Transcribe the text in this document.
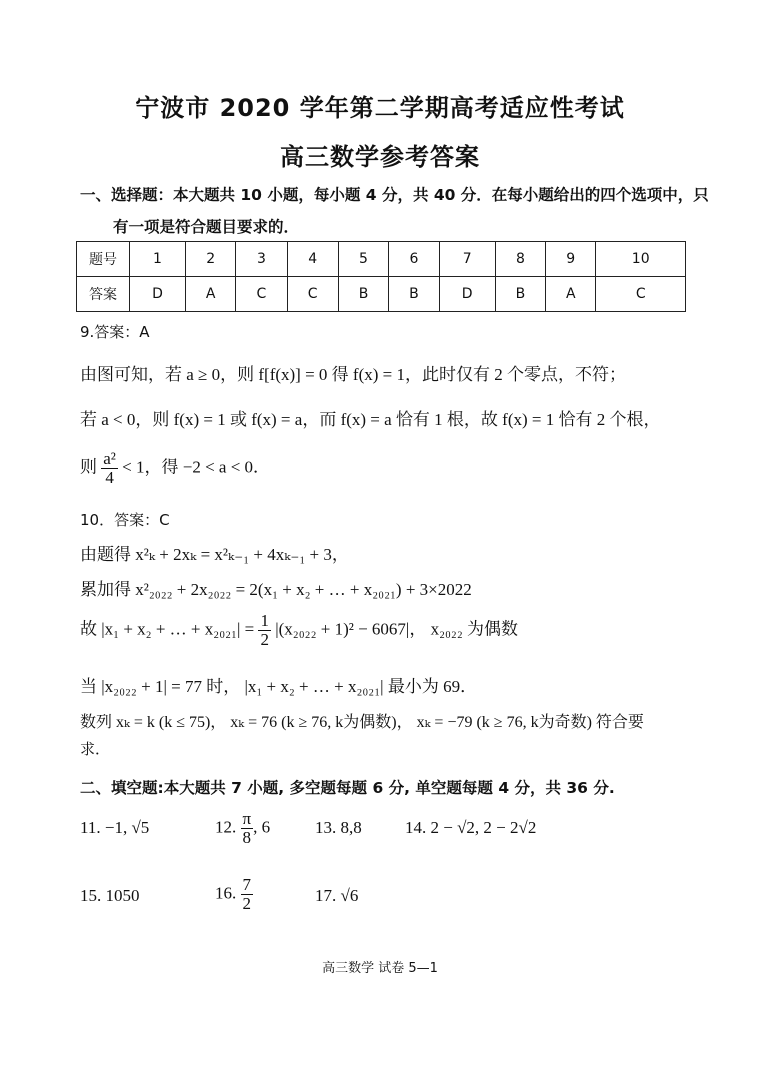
宁波市 2020 学年第二学期高考适应性考试
高三数学参考答案
一、选择题：本大题共 10 小题，每小题 4 分，共 40 分．在每小题给出的四个选项中，只
有一项是符合题目要求的．
题号	1	2	3	4	5	6	7	8	9	10
答案	D	A	C	C	B	B	D	B	A	C
9.答案：A
由图可知，若 a ≥ 0，则 f[f(x)] = 0 得 f(x) = 1，此时仅有 2 个零点，不符；
若 a < 0，则 f(x) = 1 或 f(x) = a，而 f(x) = a 恰有 1 根，故 f(x) = 1 恰有 2 个根，
则 $\frac{\text{a²}}{4} < 1$，得 −2 < a < 0．
10．答案：C
由题得 x²ₖ + 2xₖ = x²ₖ₋₁ + 4xₖ₋₁ + 3，
累加得 x²₂₀₂₂ + 2x₂₀₂₂ = 2(x₁ + x₂ + … + x₂₀₂₁) + 3×2022
故 |x₁ + x₂ + … + $x_{2021}| = \frac{1}{2} |(x_{2022} + 1)^2 - 6067|$， x₂₀₂₂ 为偶数
当 |x₂₀₂₂ + 1| = 77 时， |x₁ + x₂ + … + x₂₀₂₁| 最小为 69．
数列 xₖ = k (k ≤ 75)， xₖ = 76 (k ≥ 76, k为偶数)， xₖ = −79 (k ≥ 76, k为奇数) 符合要
求．
二、填空题:本大题共 7 小题, 多空题每题 6 分, 单空题每题 4 分，共 36 分.
11. −1, √5	12. $\frac{\pi}{8}$ , 6	13. 8,8	14. 2 − √2, 2 − 2√2
15. 1050	16. $\frac{7}{2}$	17. √6
高三数学 试卷 5—1
